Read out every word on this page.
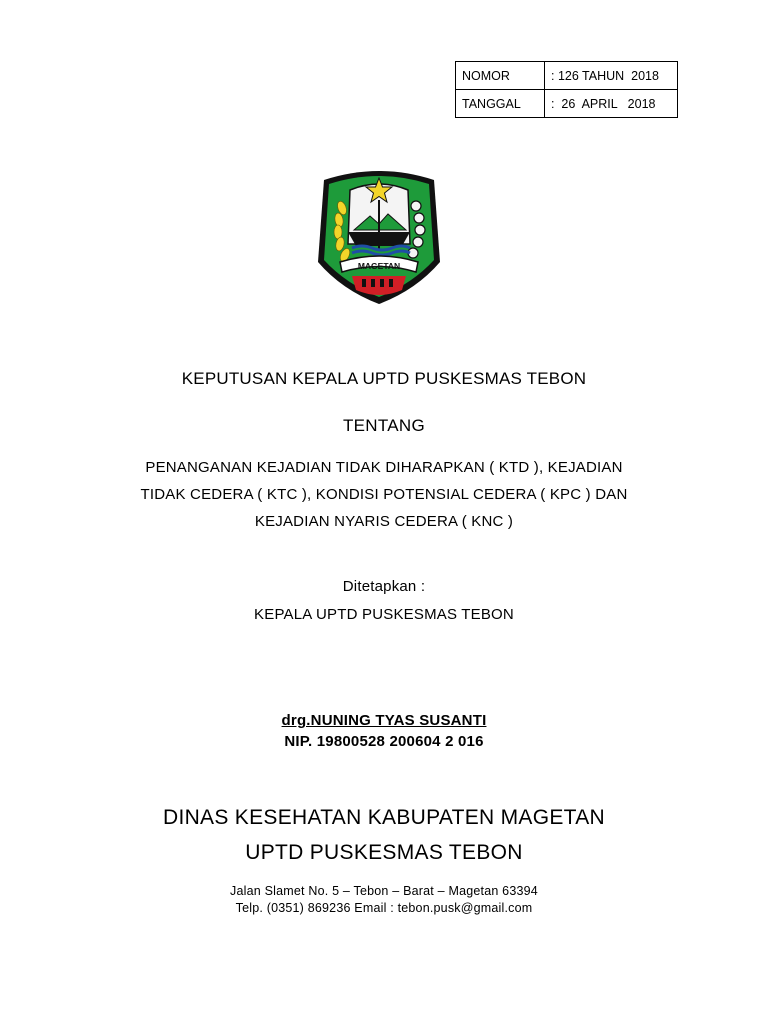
NOMOR	: 126 TAHUN  2018
TANGGAL	:  26  APRIL   2018
MAGETAN
KEPUTUSAN KEPALA UPTD PUSKESMAS TEBON
TENTANG
PENANGANAN KEJADIAN TIDAK DIHARAPKAN ( KTD ), KEJADIAN
TIDAK CEDERA ( KTC ), KONDISI POTENSIAL CEDERA ( KPC ) DAN
KEJADIAN NYARIS CEDERA ( KNC )
Ditetapkan :
KEPALA UPTD PUSKESMAS TEBON
drg.NUNING TYAS SUSANTI
NIP. 19800528 200604 2 016
DINAS KESEHATAN KABUPATEN MAGETAN
UPTD PUSKESMAS TEBON
Jalan Slamet No. 5 – Tebon – Barat – Magetan 63394
Telp. (0351) 869236 Email : tebon.pusk@gmail.com
